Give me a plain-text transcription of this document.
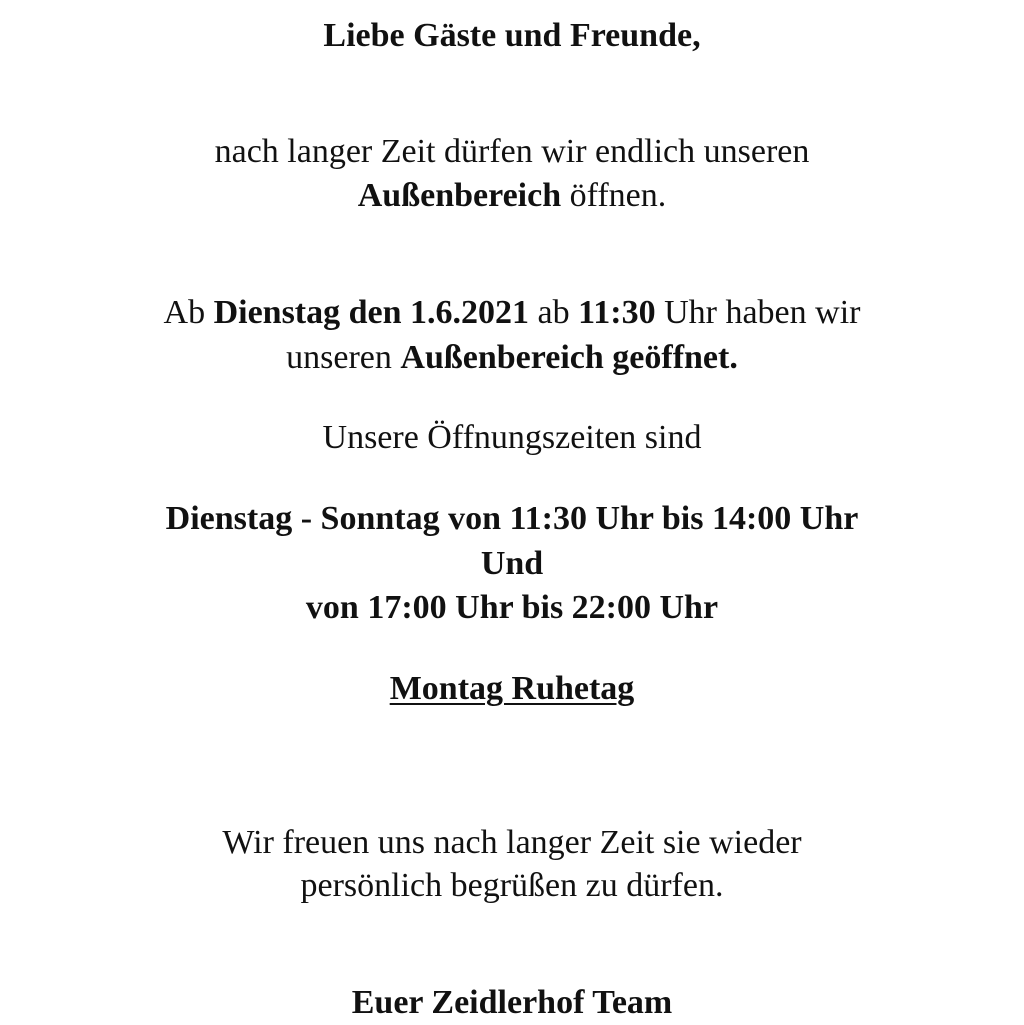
Liebe Gäste und Freunde,
nach langer Zeit dürfen wir endlich unseren
Außenbereich öffnen.
Ab Dienstag den 1.6.2021 ab 11:30 Uhr haben wir
unseren Außenbereich geöffnet.
Unsere Öffnungszeiten sind
Dienstag - Sonntag von 11:30 Uhr bis 14:00 Uhr
Und
von 17:00 Uhr bis 22:00 Uhr
Montag Ruhetag
Wir freuen uns nach langer Zeit sie wieder
persönlich begrüßen zu dürfen.
Euer Zeidlerhof Team
